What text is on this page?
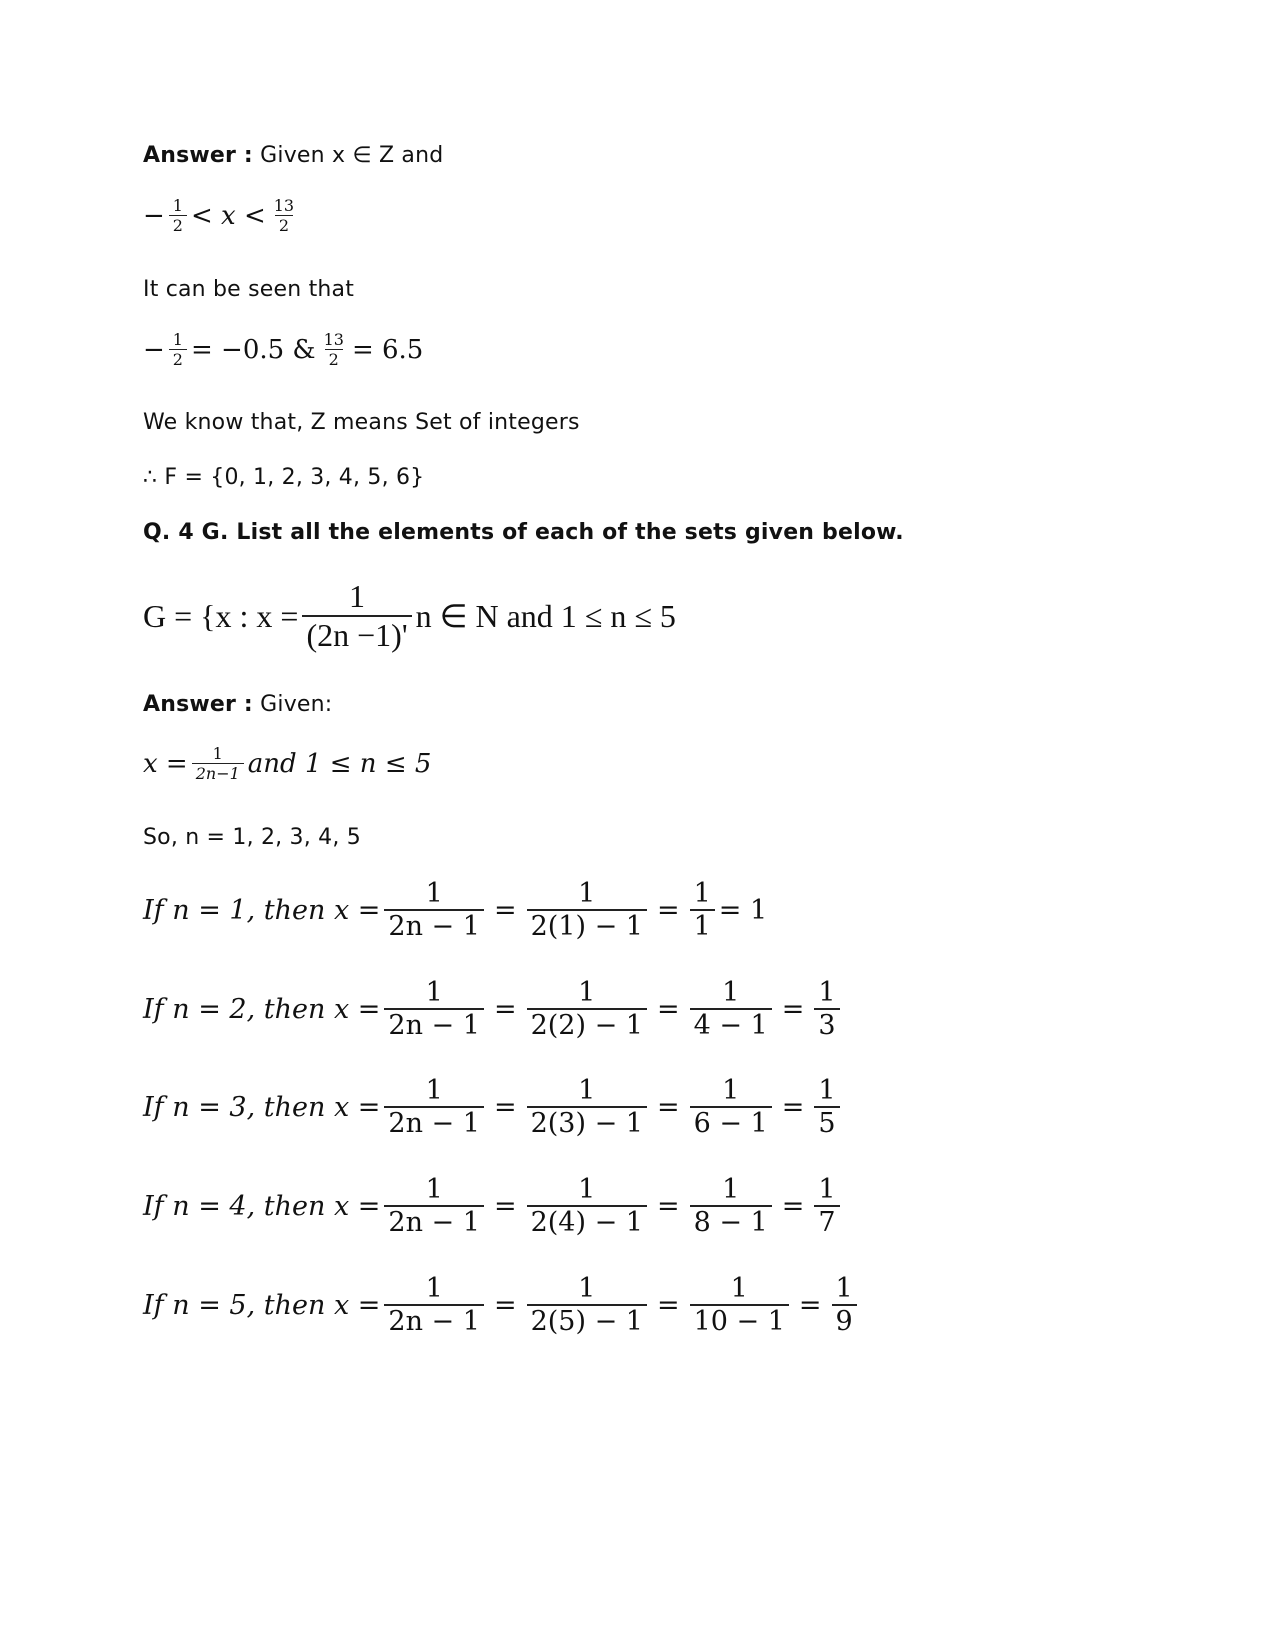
Answer : Given x ∈ Z and
− $\frac{1}{2} < x < \frac{13}{2}$
It can be seen that
− $\frac{1}{2} = -0.5$ & $\frac{13}{2} = 6.5$
We know that, Z means Set of integers
∴ F = {0, 1, 2, 3, 4, 5, 6}
Q. 4 G. List all the elements of each of the sets given below.
G = {x : $x = \frac{1}{(2n -1)'}$ n ∈ N and 1 ≤ n ≤ 5
Answer : Given:
$x = \frac{1}{2n-1}$ and 1 ≤ n ≤ 5
So, n = 1, 2, 3, 4, 5
If n = 1, then $x = \frac{1}{2n - 1} = \frac{1}{2(1) - 1} = \frac{1}{1} = 1$
If n = 2, then $x = \frac{1}{2n - 1} = \frac{1}{2(2) - 1} = \frac{1}{4 - 1} = \frac{1}{3}$
If n = 3, then $x = \frac{1}{2n - 1} = \frac{1}{2(3) - 1} = \frac{1}{6 - 1} = \frac{1}{5}$
If n = 4, then $x = \frac{1}{2n - 1} = \frac{1}{2(4) - 1} = \frac{1}{8 - 1} = \frac{1}{7}$
If n = 5, then $x = \frac{1}{2n - 1} = \frac{1}{2(5) - 1} = \frac{1}{10 - 1} = \frac{1}{9}$
